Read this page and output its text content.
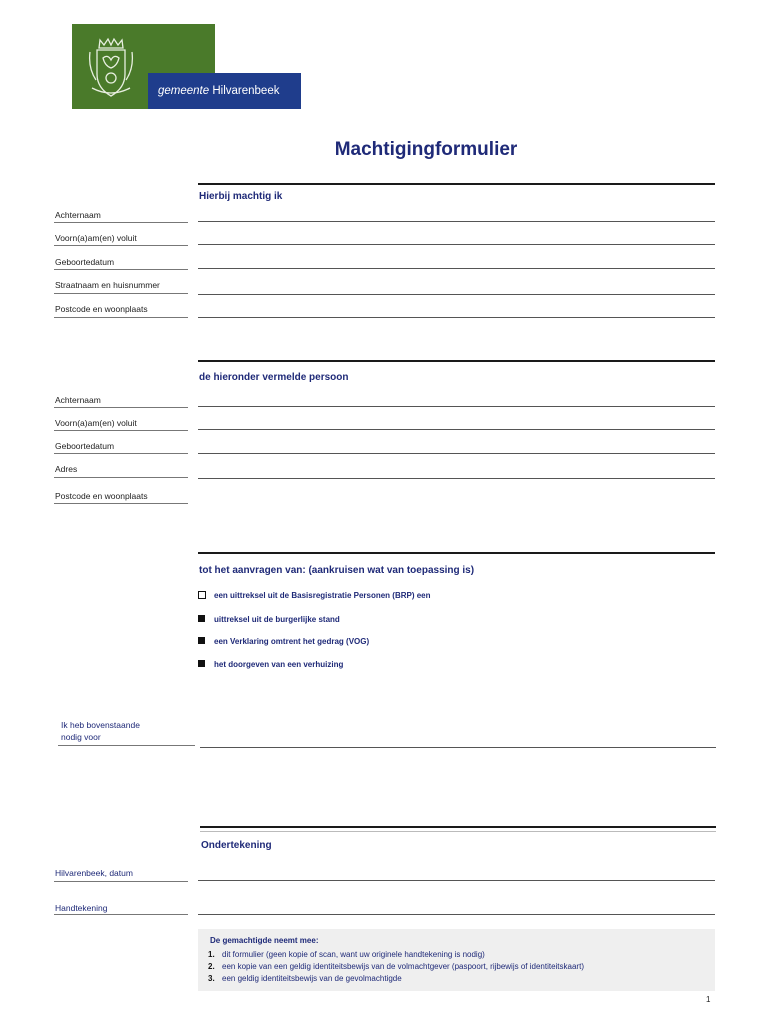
gemeente Hilvarenbeek
Machtigingformulier
Hierbij machtig ik
Achternaam
Voorn(a)am(en) voluit
Geboortedatum
Straatnaam en huisnummer
Postcode en woonplaats
de hieronder vermelde persoon
Achternaam
Voorn(a)am(en) voluit
Geboortedatum
Adres
Postcode en woonplaats
tot het aanvragen van: (aankruisen wat van toepassing is)
een uittreksel uit de Basisregistratie Personen (BRP) een
uittreksel uit de burgerlijke stand
een Verklaring omtrent het gedrag (VOG)
het doorgeven van een verhuizing
Ik heb bovenstaande
nodig voor
Ondertekening
Hilvarenbeek, datum
Handtekening
De gemachtigde neemt mee:
1. dit formulier (geen kopie of scan, want uw originele handtekening is nodig)
2. een kopie van een geldig identiteitsbewijs van de volmachtgever (paspoort, rijbewijs of identiteitskaart)
3. een geldig identiteitsbewijs van de gevolmachtigde
1
